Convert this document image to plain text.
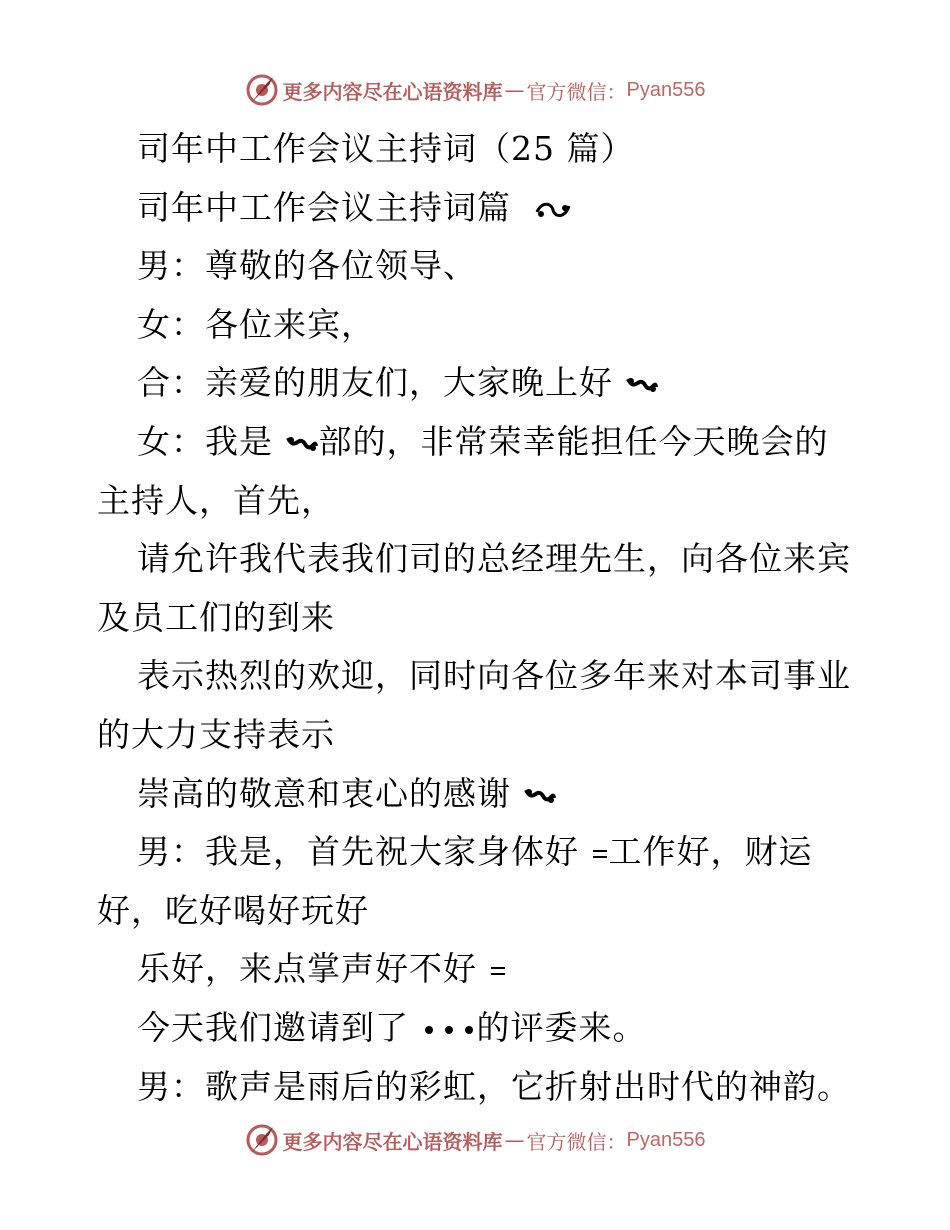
更多内容尽在心语资料库 — 官方微信： Pyan556
司年中工作会议主持词（25 篇）
司年中工作会议主持词篇
男：尊敬的各位领导、
女：各位来宾，
合：亲爱的朋友们，大家晚上好
女：我是 部的，非常荣幸能担任今天晚会的
主持人，首先，
请允许我代表我们司的总经理先生，向各位来宾
及员工们的到来
表示热烈的欢迎，同时向各位多年来对本司事业
的大力支持表示
崇高的敬意和衷心的感谢
男：我是，首先祝大家身体好 工作好，财运
好，吃好喝好玩好
乐好，来点掌声好不好
今天我们邀请到了 的评委来。
男：歌声是雨后的彩虹，它折射出时代的神韵。
更多内容尽在心语资料库 — 官方微信： Pyan556
